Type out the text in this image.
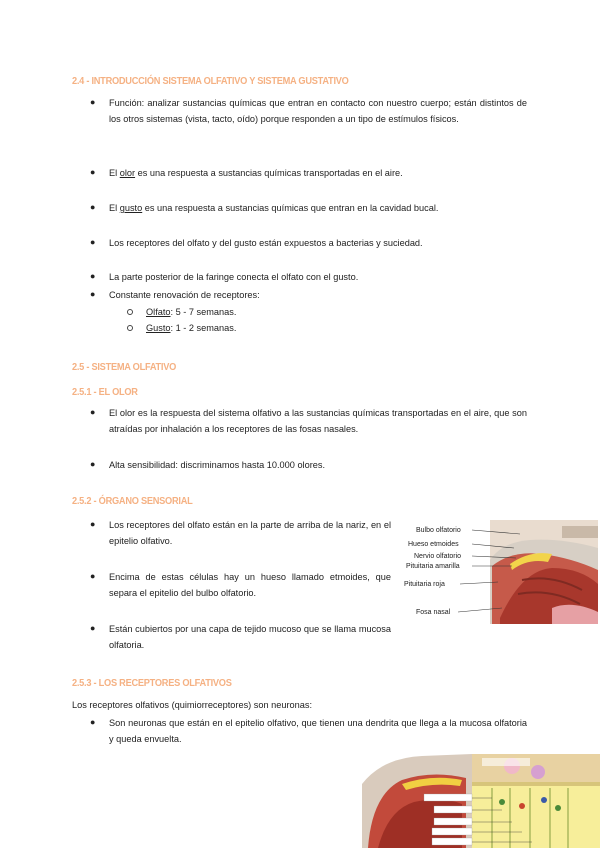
2.4 - INTRODUCCIÓN SISTEMA OLFATIVO Y SISTEMA GUSTATIVO
● Función: analizar sustancias químicas que entran en contacto con nuestro cuerpo; están distintos de los otros sistemas (vista, tacto, oído) porque responden a un tipo de estímulos físicos.
● El olor es una respuesta a sustancias químicas transportadas en el aire.
● El gusto es una respuesta a sustancias químicas que entran en la cavidad bucal.
● Los receptores del olfato y del gusto están expuestos a bacterias y suciedad.
● La parte posterior de la faringe conecta el olfato con el gusto.
● Constante renovación de receptores:
Olfato: 5 - 7 semanas.
Gusto: 1 - 2 semanas.
2.5 - SISTEMA OLFATIVO
2.5.1 - EL OLOR
● El olor es la respuesta del sistema olfativo a las sustancias químicas transportadas en el aire, que son atraídas por inhalación a los receptores de las fosas nasales.
● Alta sensibilidad: discriminamos hasta 10.000 olores.
2.5.2 - ÓRGANO SENSORIAL
● Los receptores del olfato están en la parte de arriba de la nariz, en el epitelio olfativo.
● Encima de estas células hay un hueso llamado etmoides, que separa el epitelio del bulbo olfatorio.
● Están cubiertos por una capa de tejido mucoso que se llama mucosa olfatoria.
Bulbo olfatorio
Hueso etmoides
Nervio olfatorio
Pituitaria amarilla
Pituitaria roja
Fosa nasal
2.5.3 - LOS RECEPTORES OLFATIVOS
Los receptores olfativos (quimiorreceptores) son neuronas:
● Son neuronas que están en el epitelio olfativo, que tienen una dendrita que llega a la mucosa olfatoria y queda envuelta.
